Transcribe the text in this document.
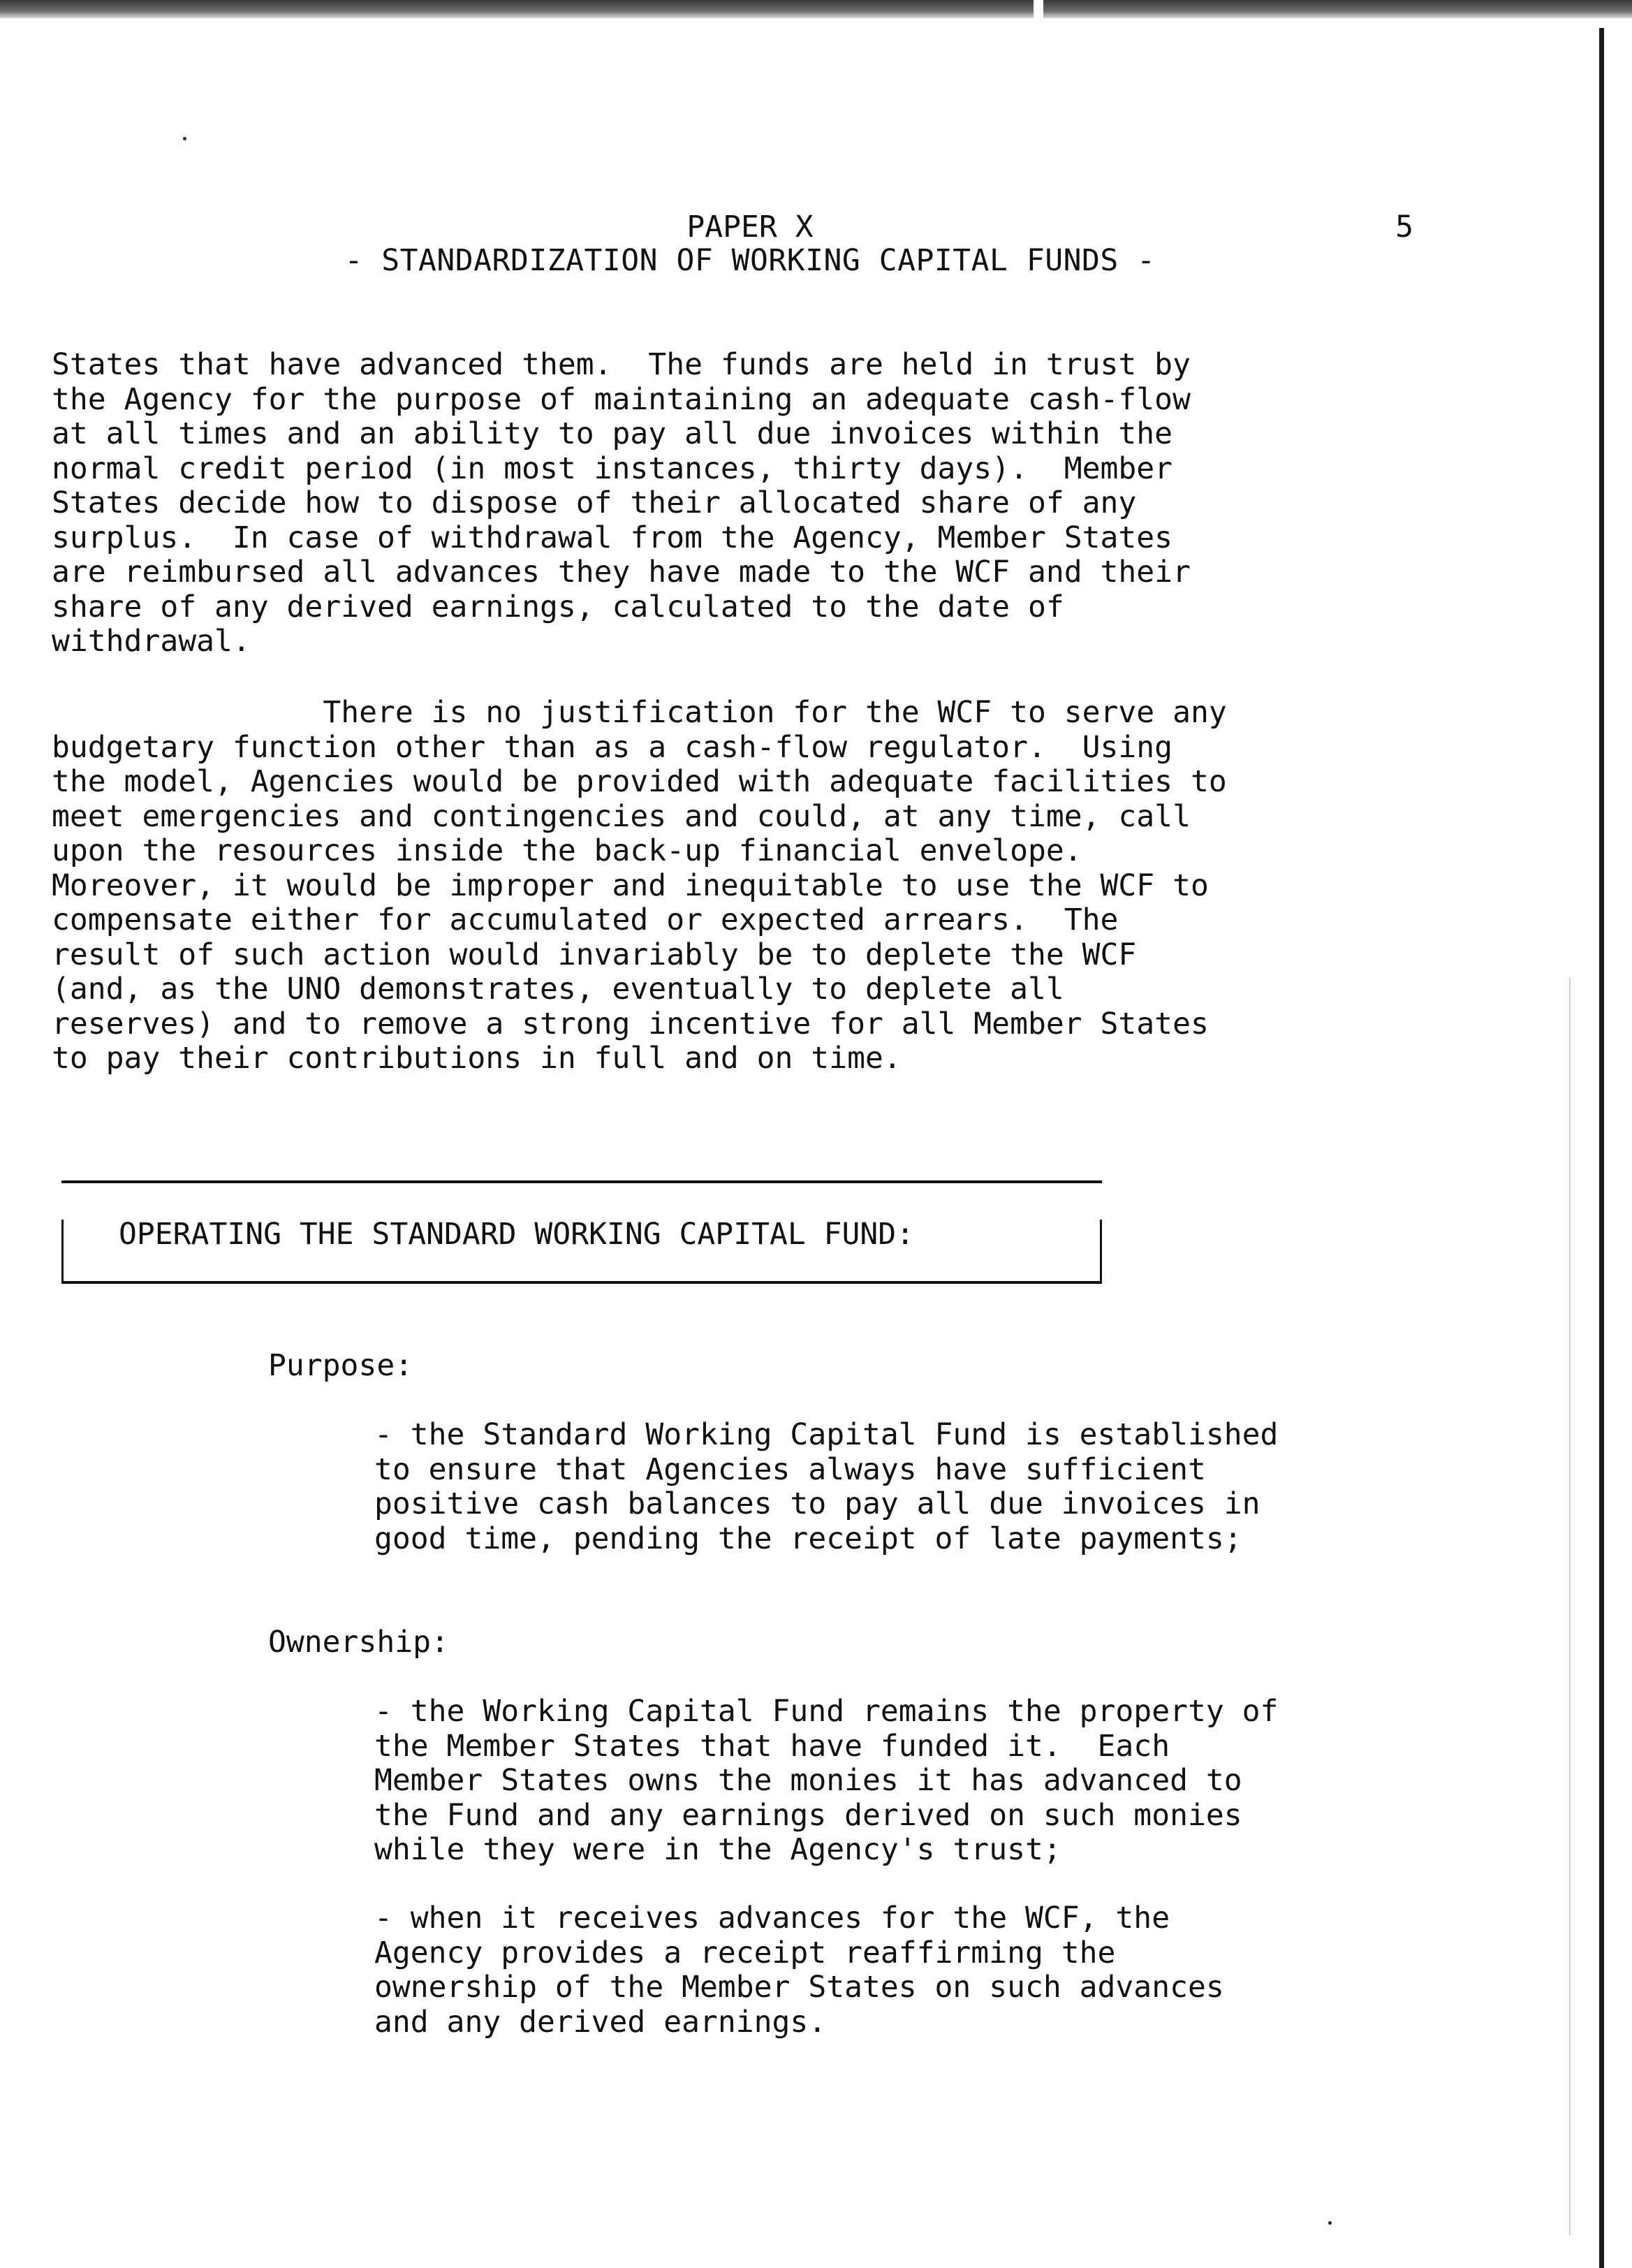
PAPER X	5
- STANDARDIZATION OF WORKING CAPITAL FUNDS -
States that have advanced them.  The funds are held in trust by
the Agency for the purpose of maintaining an adequate cash-flow
at all times and an ability to pay all due invoices within the
normal credit period (in most instances, thirty days).  Member
States decide how to dispose of their allocated share of any
surplus.  In case of withdrawal from the Agency, Member States
are reimbursed all advances they have made to the WCF and their
share of any derived earnings, calculated to the date of
withdrawal.
There is no justification for the WCF to serve any
budgetary function other than as a cash-flow regulator.  Using
the model, Agencies would be provided with adequate facilities to
meet emergencies and contingencies and could, at any time, call
upon the resources inside the back-up financial envelope.
Moreover, it would be improper and inequitable to use the WCF to
compensate either for accumulated or expected arrears.  The
result of such action would invariably be to deplete the WCF
(and, as the UNO demonstrates, eventually to deplete all
reserves) and to remove a strong incentive for all Member States
to pay their contributions in full and on time.
OPERATING THE STANDARD WORKING CAPITAL FUND:
Purpose:
- the Standard Working Capital Fund is established
to ensure that Agencies always have sufficient
positive cash balances to pay all due invoices in
good time, pending the receipt of late payments;
Ownership:
- the Working Capital Fund remains the property of
the Member States that have funded it.  Each
Member States owns the monies it has advanced to
the Fund and any earnings derived on such monies
while they were in the Agency's trust;
- when it receives advances for the WCF, the
Agency provides a receipt reaffirming the
ownership of the Member States on such advances
and any derived earnings.
